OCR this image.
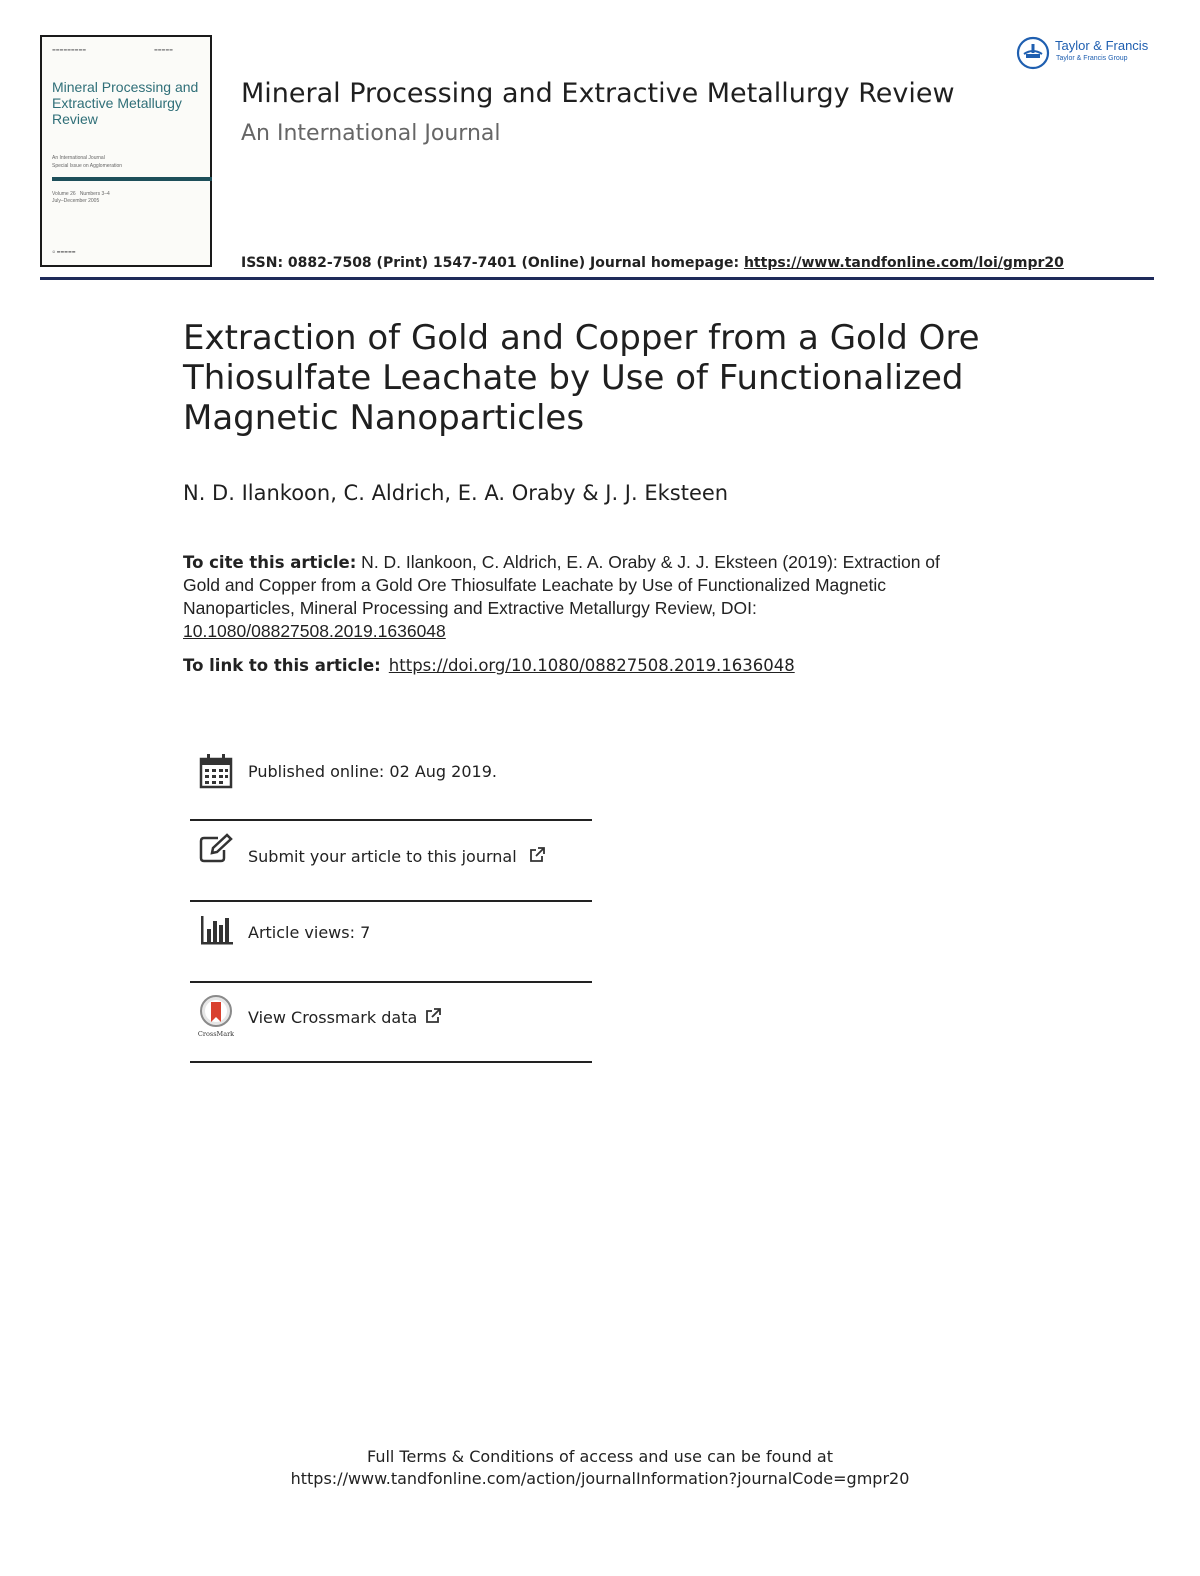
▬▬▬▬▬▬▬▬▬	▬▬▬▬▬
Mineral Processing and Extractive Metallurgy Review
An International Journal
Special Issue on Agglomeration
Volume 26 Numbers 3–4
July–December 2005
⊜ ▬▬▬▬▬
Mineral Processing and Extractive Metallurgy Review
An International Journal
ISSN: 0882-7508 (Print) 1547-7401 (Online) Journal homepage: https://www.tandfonline.com/loi/gmpr20
Taylor & Francis
Taylor & Francis Group
Extraction of Gold and Copper from a Gold Ore Thiosulfate Leachate by Use of Functionalized Magnetic Nanoparticles
N. D. Ilankoon, C. Aldrich, E. A. Oraby & J. J. Eksteen
To cite this article: N. D. Ilankoon, C. Aldrich, E. A. Oraby & J. J. Eksteen (2019): Extraction of Gold and Copper from a Gold Ore Thiosulfate Leachate by Use of Functionalized Magnetic Nanoparticles, Mineral Processing and Extractive Metallurgy Review, DOI: 10.1080/08827508.2019.1636048
To link to this article: https://doi.org/10.1080/08827508.2019.1636048
Published online: 02 Aug 2019.
Submit your article to this journal
Article views: 7
CrossMark
View Crossmark data
Full Terms & Conditions of access and use can be found at
https://www.tandfonline.com/action/journalInformation?journalCode=gmpr20
